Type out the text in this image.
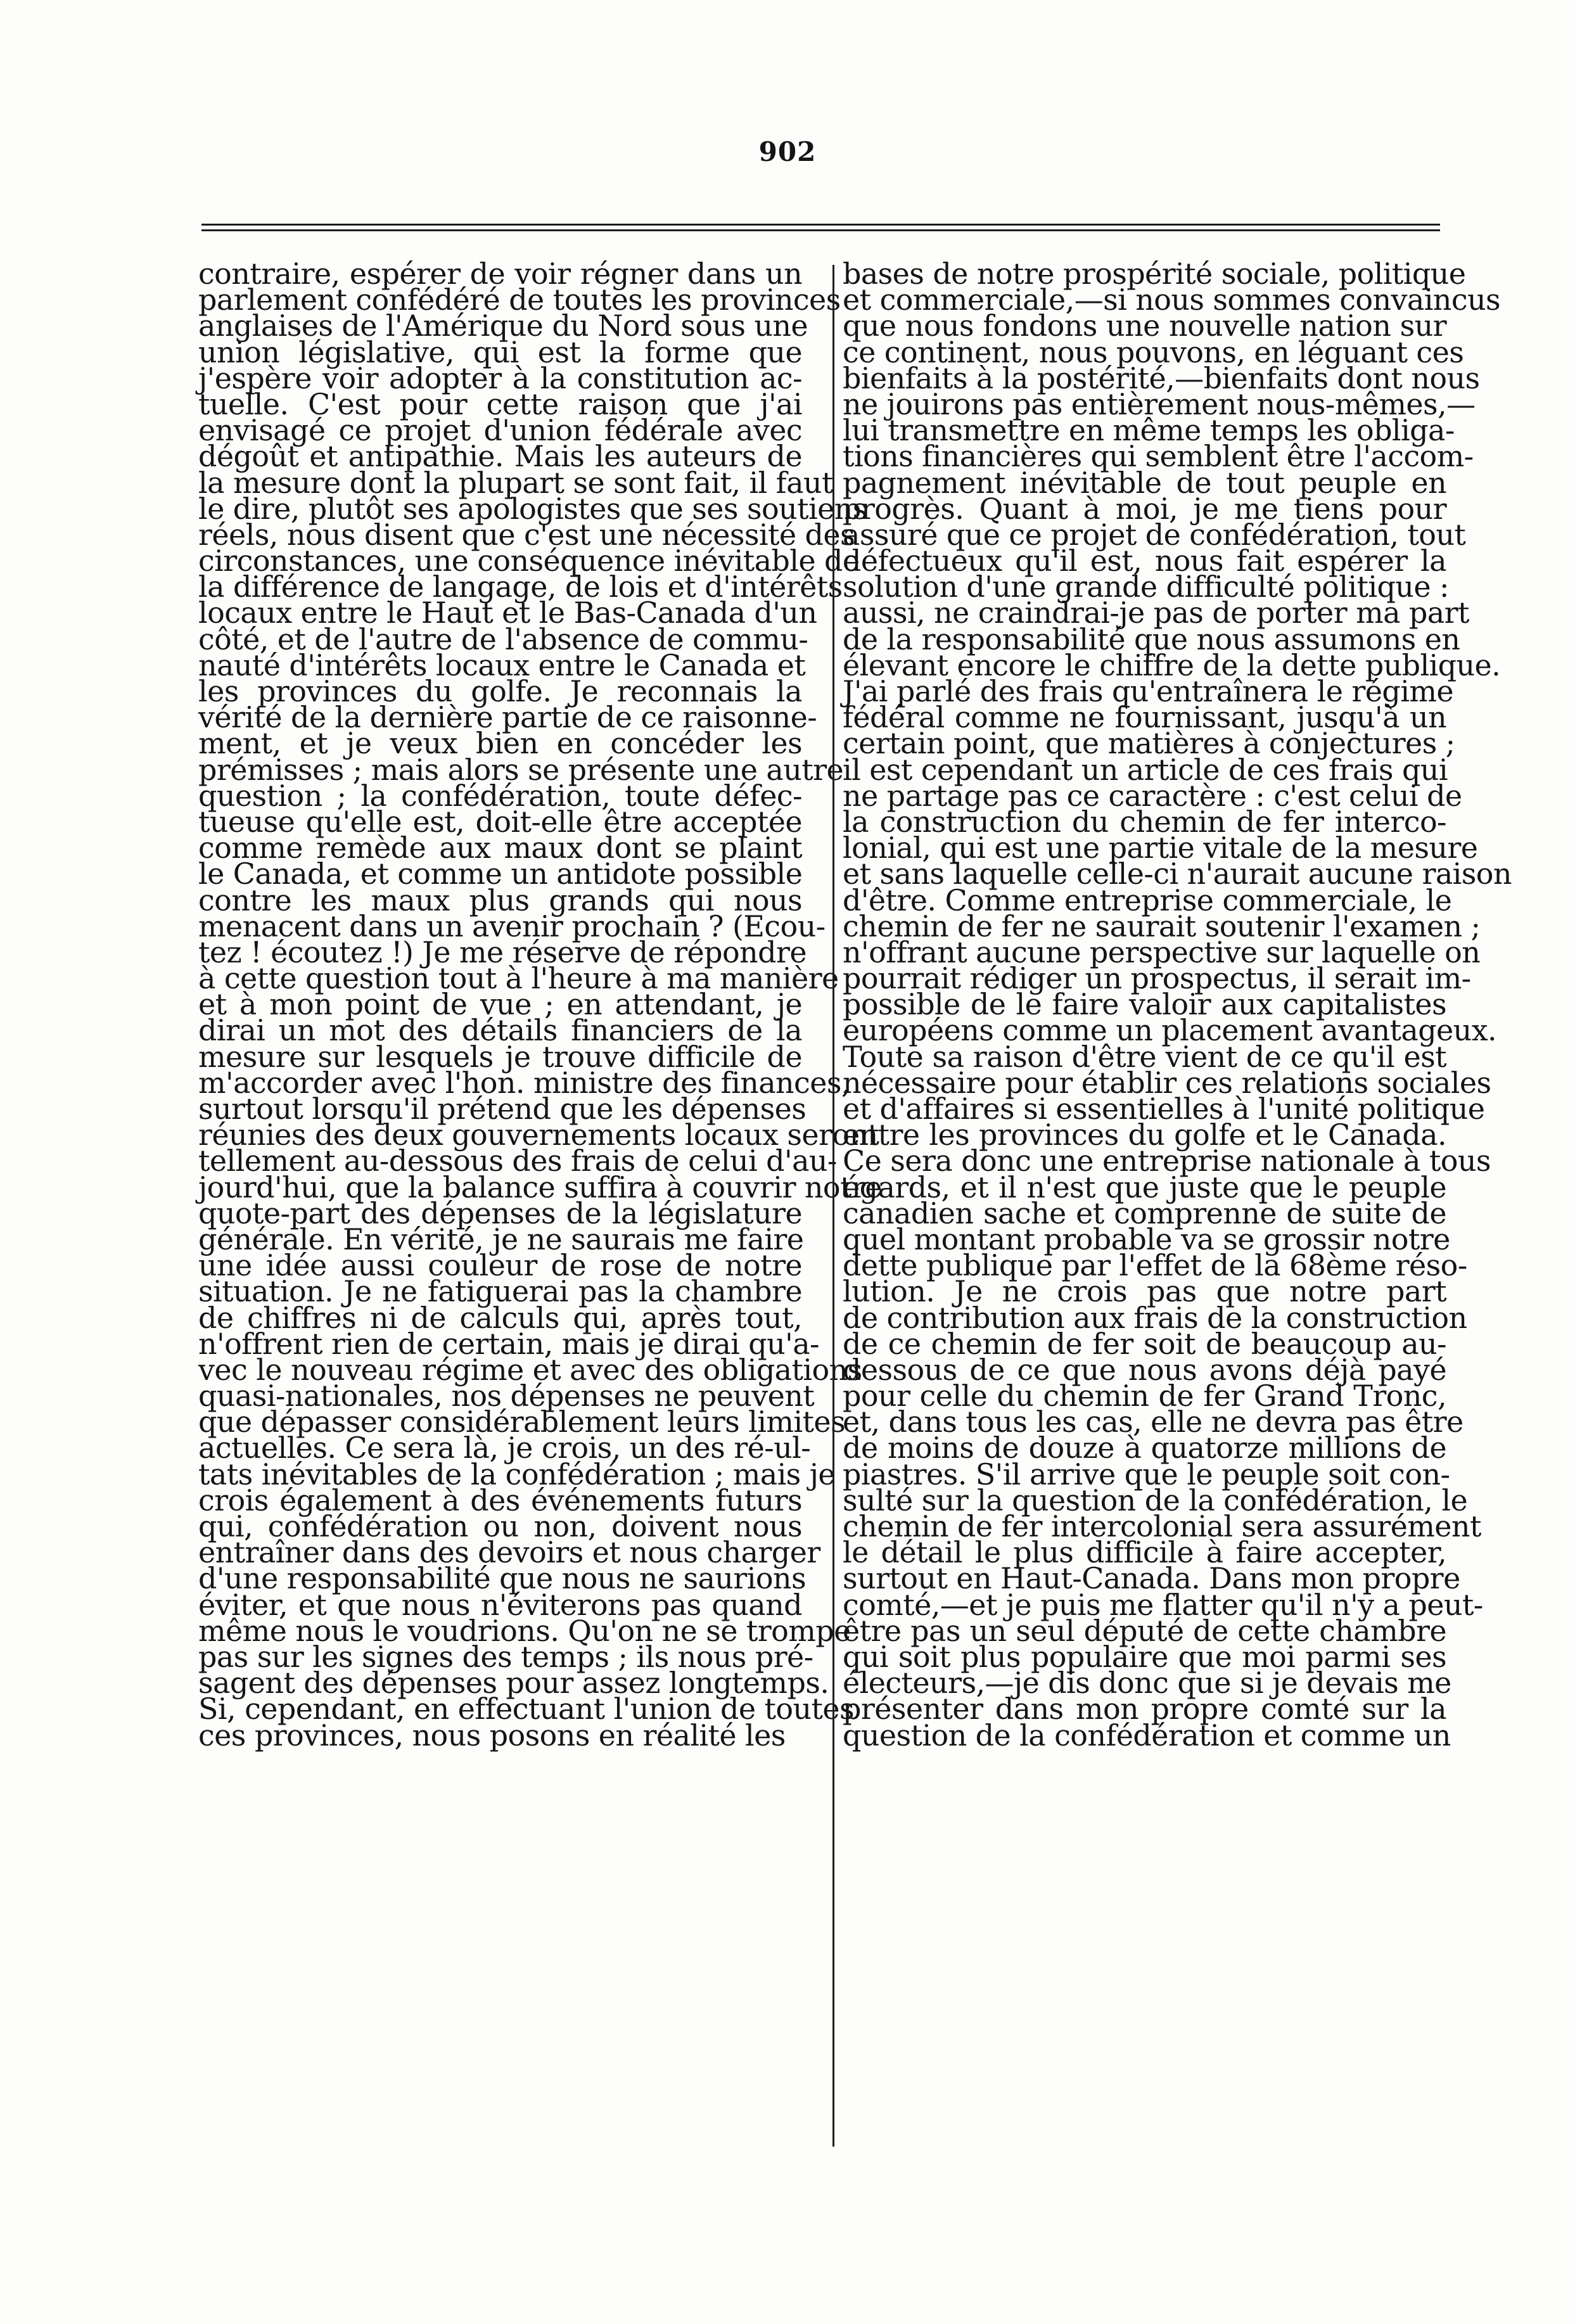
902
contraire, espérer de voir régner dans un
parlement confédéré de toutes les provinces
anglaises de l'Amérique du Nord sous une
union législative, qui est la forme que
j'espère voir adopter à la constitution ac-
tuelle. C'est pour cette raison que j'ai
envisagé ce projet d'union fédérale avec
dégoût et antipathie. Mais les auteurs de
la mesure dont la plupart se sont fait, il faut
le dire, plutôt ses apologistes que ses soutiens
réels, nous disent que c'est une nécessité des
circonstances, une conséquence inévitable de
la différence de langage, de lois et d'intérêts
locaux entre le Haut et le Bas-Canada d'un
côté, et de l'autre de l'absence de commu-
nauté d'intérêts locaux entre le Canada et
les provinces du golfe. Je reconnais la
vérité de la dernière partie de ce raisonne-
ment, et je veux bien en concéder les
prémisses ; mais alors se présente une autre
question ; la confédération, toute défec-
tueuse qu'elle est, doit-elle être acceptée
comme remède aux maux dont se plaint
le Canada, et comme un antidote possible
contre les maux plus grands qui nous
menacent dans un avenir prochain ? (Ecou-
tez ! écoutez !) Je me réserve de répondre
à cette question tout à l'heure à ma manière
et à mon point de vue ; en attendant, je
dirai un mot des détails financiers de la
mesure sur lesquels je trouve difficile de
m'accorder avec l'hon. ministre des finances,
surtout lorsqu'il prétend que les dépenses
réunies des deux gouvernements locaux seront
tellement au-dessous des frais de celui d'au-
jourd'hui, que la balance suffira à couvrir notre
quote-part des dépenses de la législature
générale. En vérité, je ne saurais me faire
une idée aussi couleur de rose de notre
situation. Je ne fatiguerai pas la chambre
de chiffres ni de calculs qui, après tout,
n'offrent rien de certain, mais je dirai qu'a-
vec le nouveau régime et avec des obligations
quasi-nationales, nos dépenses ne peuvent
que dépasser considérablement leurs limites
actuelles. Ce sera là, je crois, un des ré-ul-
tats inévitables de la confédération ; mais je
crois également à des événements futurs
qui, confédération ou non, doivent nous
entraîner dans des devoirs et nous charger
d'une responsabilité que nous ne saurions
éviter, et que nous n'éviterons pas quand
même nous le voudrions. Qu'on ne se trompe
pas sur les signes des temps ; ils nous pré-
sagent des dépenses pour assez longtemps.
Si, cependant, en effectuant l'union de toutes
ces provinces, nous posons en réalité les
bases de notre prospérité sociale, politique
et commerciale,—si nous sommes convaincus
que nous fondons une nouvelle nation sur
ce continent, nous pouvons, en léguant ces
bienfaits à la postérité,—bienfaits dont nous
ne jouirons pas entièrement nous-mêmes,—
lui transmettre en même temps les obliga-
tions financières qui semblent être l'accom-
pagnement inévitable de tout peuple en
progrès. Quant à moi, je me tiens pour
assuré que ce projet de confédération, tout
défectueux qu'il est, nous fait espérer la
solution d'une grande difficulté politique :
aussi, ne craindrai-je pas de porter ma part
de la responsabilité que nous assumons en
élevant encore le chiffre de la dette publique.
J'ai parlé des frais qu'entraînera le régime
fédéral comme ne fournissant, jusqu'à un
certain point, que matières à conjectures ;
il est cependant un article de ces frais qui
ne partage pas ce caractère : c'est celui de
la construction du chemin de fer interco-
lonial, qui est une partie vitale de la mesure
et sans laquelle celle-ci n'aurait aucune raison
d'être. Comme entreprise commerciale, le
chemin de fer ne saurait soutenir l'examen ;
n'offrant aucune perspective sur laquelle on
pourrait rédiger un prospectus, il serait im-
possible de le faire valoir aux capitalistes
européens comme un placement avantageux.
Toute sa raison d'être vient de ce qu'il est
nécessaire pour établir ces relations sociales
et d'affaires si essentielles à l'unité politique
entre les provinces du golfe et le Canada.
Ce sera donc une entreprise nationale à tous
égards, et il n'est que juste que le peuple
canadien sache et comprenne de suite de
quel montant probable va se grossir notre
dette publique par l'effet de la 68ème réso-
lution. Je ne crois pas que notre part
de contribution aux frais de la construction
de ce chemin de fer soit de beaucoup au-
dessous de ce que nous avons déjà payé
pour celle du chemin de fer Grand Tronc,
et, dans tous les cas, elle ne devra pas être
de moins de douze à quatorze millions de
piastres. S'il arrive que le peuple soit con-
sulté sur la question de la confédération, le
chemin de fer intercolonial sera assurément
le détail le plus difficile à faire accepter,
surtout en Haut-Canada. Dans mon propre
comté,—et je puis me flatter qu'il n'y a peut-
être pas un seul député de cette chambre
qui soit plus populaire que moi parmi ses
électeurs,—je dis donc que si je devais me
présenter dans mon propre comté sur la
question de la confédération et comme un
